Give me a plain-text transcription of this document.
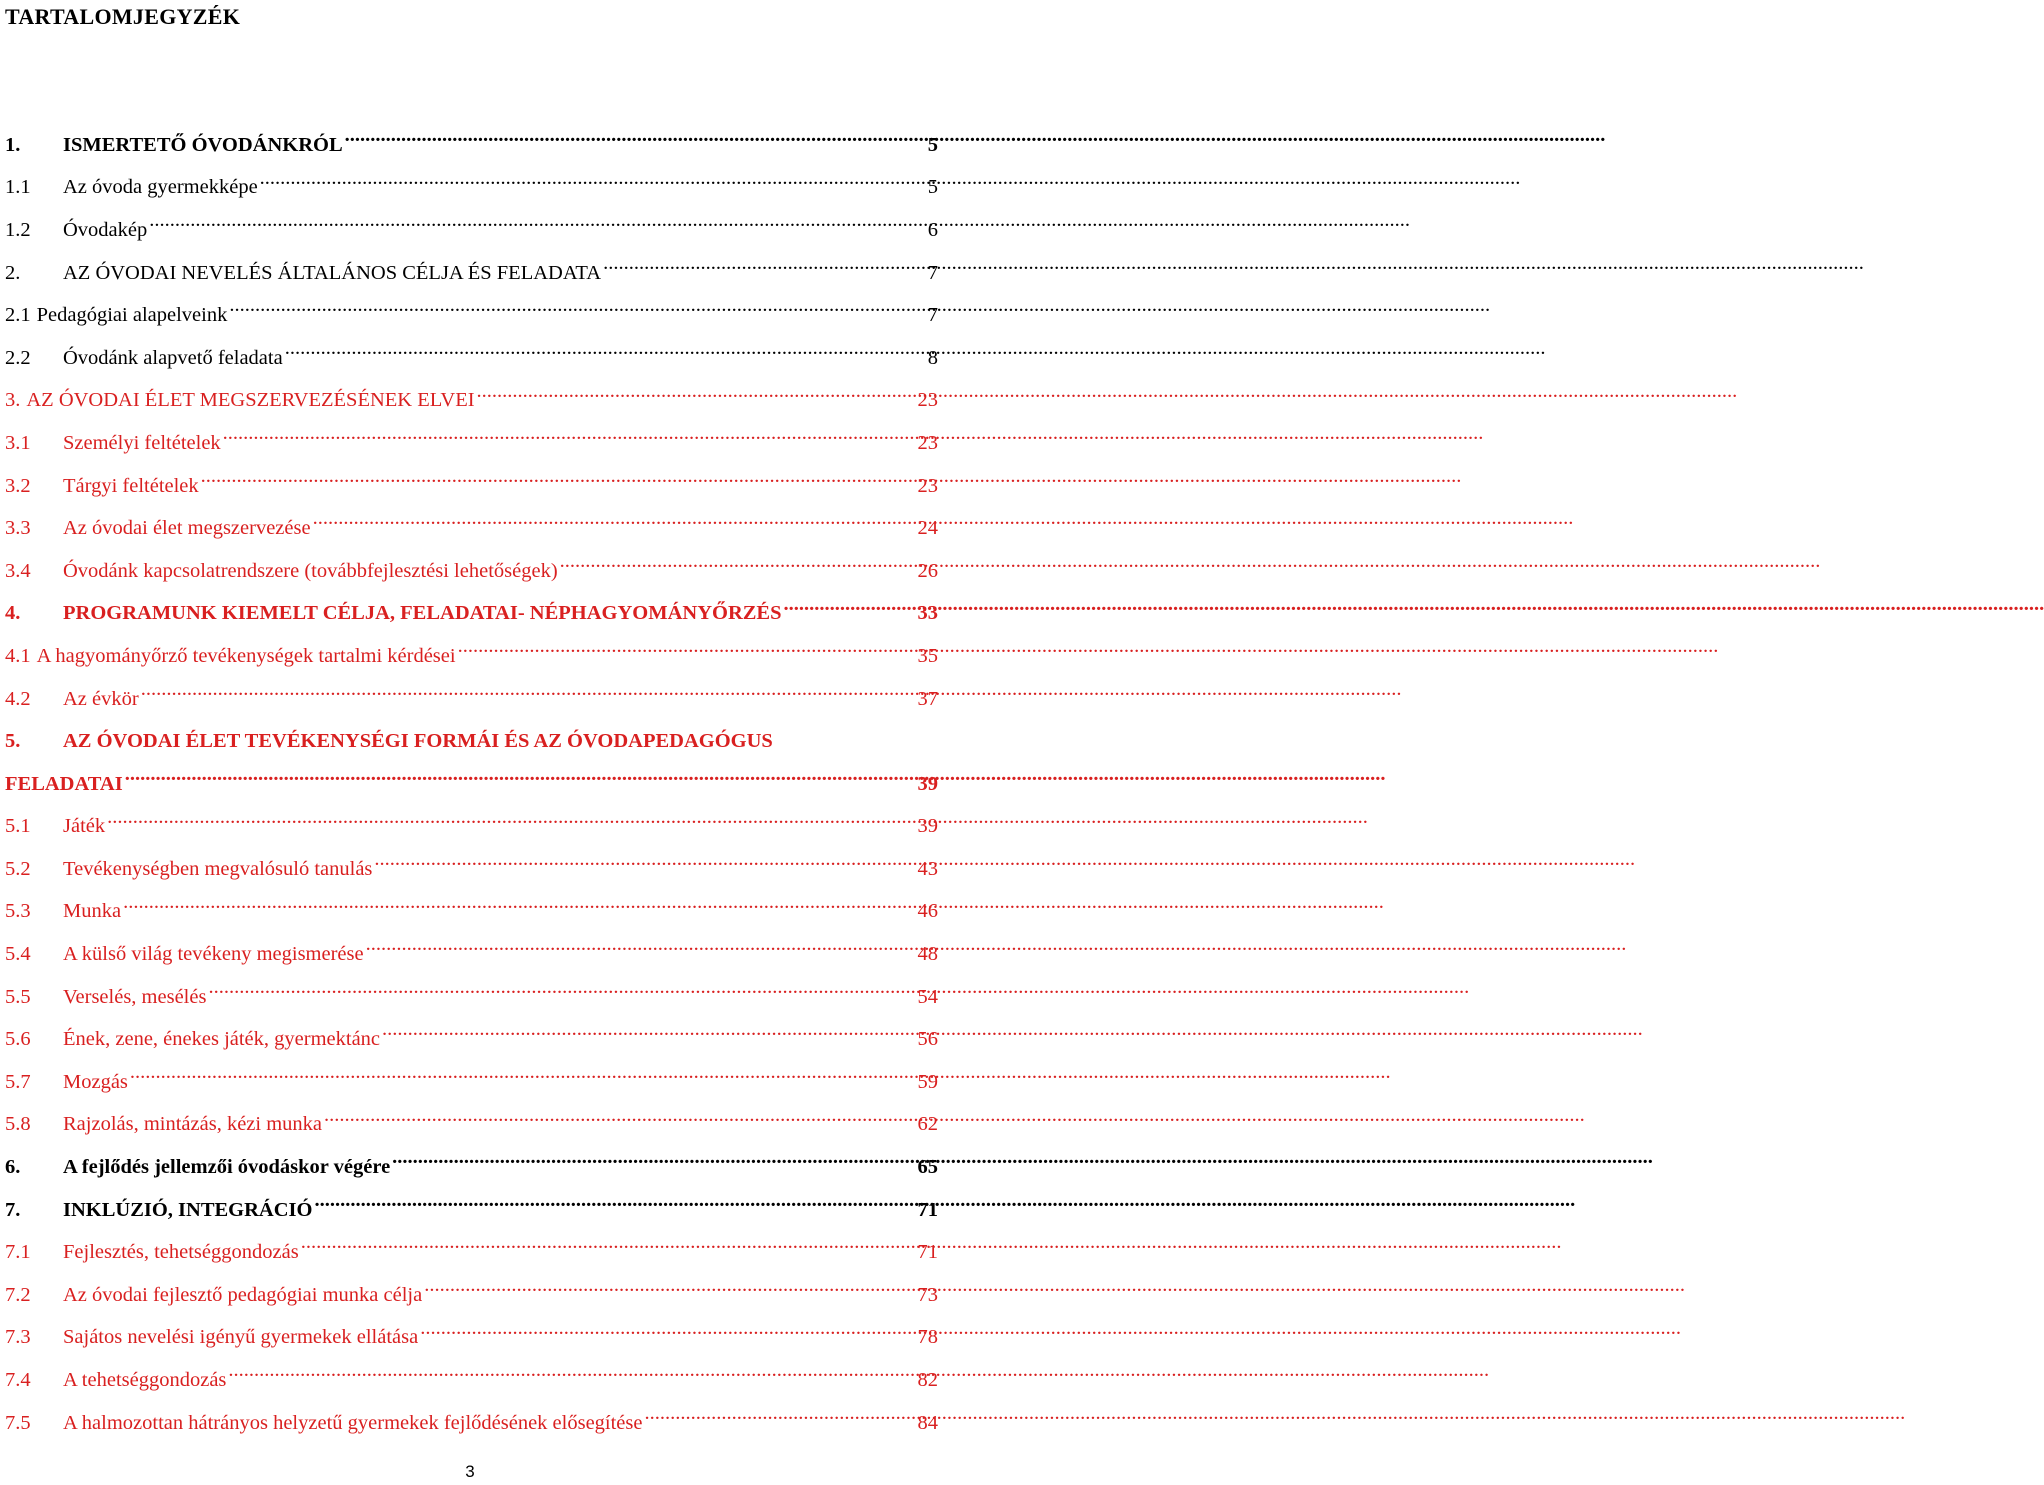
TARTALOMJEGYZÉK
1.	ISMERTETŐ ÓVODÁNKRÓL .....	5
1.1	Az óvoda gyermekképe .....	5
1.2	Óvodakép .....	6
2.	AZ ÓVODAI NEVELÉS ÁLTALÁNOS CÉLJA ÉS FELADATA .....	7
2.1 Pedagógiai alapelveink .....	7
2.2	Óvodánk alapvető feladata .....	8
3. AZ ÓVODAI ÉLET MEGSZERVEZÉSÉNEK ELVEI .....	23
3.1	Személyi feltételek .....	23
3.2	Tárgyi feltételek .....	23
3.3	Az óvodai élet megszervezése .....	24
3.4	Óvodánk kapcsolatrendszere (továbbfejlesztési lehetőségek) .....	26
4.	PROGRAMUNK KIEMELT CÉLJA, FELADATAI- NÉPHAGYOMÁNYŐRZÉS .....	33
4.1 A hagyományőrző tevékenységek tartalmi kérdései .....	35
4.2	Az évkör .....	37
5.	AZ ÓVODAI ÉLET TEVÉKENYSÉGI FORMÁI ÉS AZ ÓVODAPEDAGÓGUS
FELADATAI .....	39
5.1	Játék .....	39
5.2	Tevékenységben megvalósuló tanulás .....	43
5.3	Munka .....	46
5.4	A külső világ tevékeny megismerése .....	48
5.5	Verselés, mesélés .....	54
5.6	Ének, zene, énekes játék, gyermektánc .....	56
5.7	Mozgás .....	59
5.8	Rajzolás, mintázás, kézi munka .....	62
6.	A fejlődés jellemzői óvodáskor végére .....	65
7.	INKLÚZIÓ, INTEGRÁCIÓ .....	71
7.1	Fejlesztés, tehetséggondozás .....	71
7.2	Az óvodai fejlesztő pedagógiai munka célja .....	73
7.3	Sajátos nevelési igényű gyermekek ellátása .....	78
7.4	A tehetséggondozás .....	82
7.5	A halmozottan hátrányos helyzetű gyermekek fejlődésének elősegítése .....	84
3
